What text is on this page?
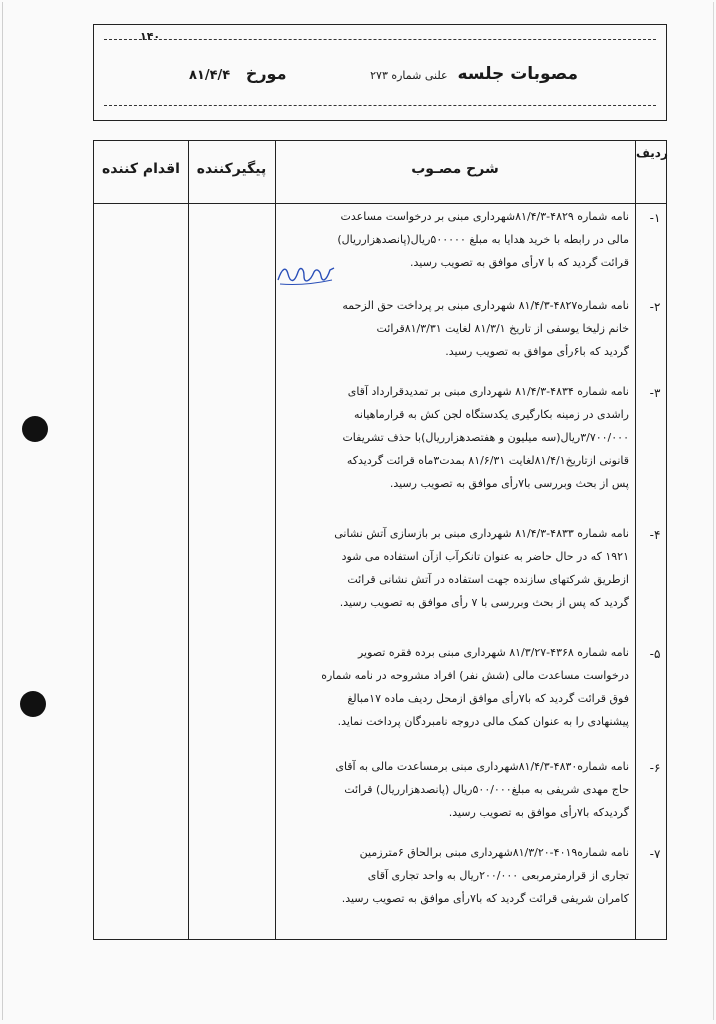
۱۴۰
مصوبات جلسه علنی شماره ۲۷۳
مورخ ۸۱/۴/۴
ردیف
شرح مصـوب
پیگیرکننده
اقدام کننده
-۱
نامه شماره ۴۸۲۹-۸۱/۴/۳شهرداری مبنی بر درخواست مساعدت
مالی در رابطه با خرید هدایا به مبلغ ۵۰۰۰۰۰ریال(پانصدهزارریال)
قرائت گردید که با ۷رأی موافق به تصویب رسید.
-۲
نامه شماره۴۸۲۷-۸۱/۴/۳ شهرداری مبنی بر پرداخت حق الزحمه
خانم زلیخا یوسفی از تاریخ ۸۱/۳/۱ لغایت ۸۱/۳/۳۱قرائت
گردید که با۶رأی موافق به تصویب رسید.
-۳
نامه شماره ۴۸۳۴-۸۱/۴/۳ شهرداری مبنی بر تمدیدقرارداد آقای
راشدی در زمینه بکارگیری یکدستگاه لجن کش به قرارماهیانه
۳/۷۰۰/۰۰۰ریال(سه میلیون و هفتصدهزارریال)با حذف تشریفات
قانونی ازتاریخ۸۱/۴/۱لغایت ۸۱/۶/۳۱ بمدت۳ماه قرائت گردیدکه
پس از بحث وبررسی با۷رأی موافق به تصویب رسید.
-۴
نامه شماره ۴۸۳۳-۸۱/۴/۳ شهرداری مبنی بر بازسازی آتش نشانی
۱۹۲۱ که در حال حاضر به عنوان تانکرآب ازآن استفاده می شود
ازطریق شرکتهای سازنده جهت استفاده در آتش نشانی قرائت
گردید که پس از بحث وبررسی با ۷ رأی موافق به تصویب رسید.
-۵
نامه شماره ۴۳۶۸-۸۱/۳/۲۷ شهرداری مبنی برده فقره تصویر
درخواست مساعدت مالی (شش نفر) افراد مشروحه در نامه شماره
فوق قرائت گردید که با۷رأی موافق ازمحل ردیف ماده ۱۷مبالغ
پیشنهادی را به عنوان کمک مالی دروجه نامبردگان پرداخت نماید.
-۶
نامه شماره۴۸۳۰-۸۱/۴/۳شهرداری مبنی برمساعدت مالی به آقای
حاج مهدی شریفی به مبلغ۵۰۰/۰۰۰ریال (پانصدهزارریال) قرائت
گردیدکه با۷رأی موافق به تصویب رسید.
-۷
نامه شماره۴۰۱۹-۸۱/۳/۲۰شهرداری مبنی برالحاق ۶مترزمین
تجاری از قرارمترمربعی ۲۰۰/۰۰۰ریال به واحد تجاری آقای
کامران شریفی قرائت گردید که با۷رأی موافق به تصویب رسید.
